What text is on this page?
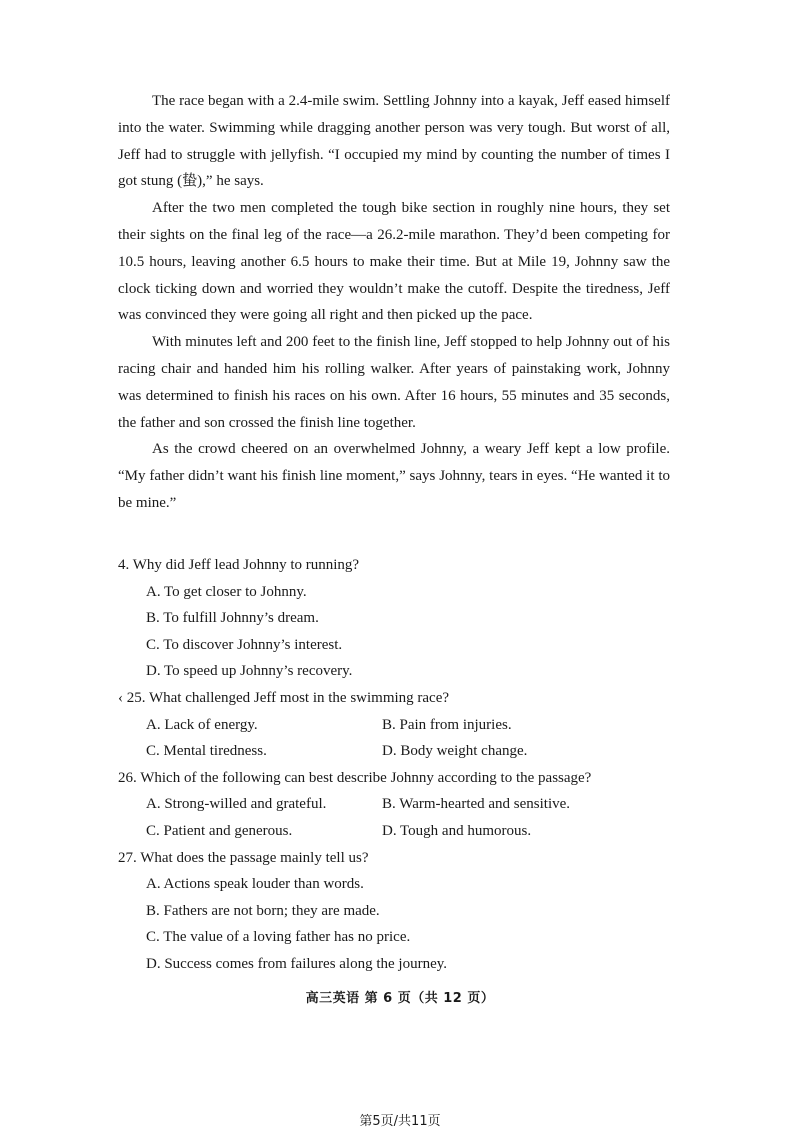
The race began with a 2.4-mile swim. Settling Johnny into a kayak, Jeff eased himself into the water. Swimming while dragging another person was very tough. But worst of all, Jeff had to struggle with jellyfish. “I occupied my mind by counting the number of times I got stung (蛰),” he says.

After the two men completed the tough bike section in roughly nine hours, they set their sights on the final leg of the race—a 26.2-mile marathon. They’d been competing for 10.5 hours, leaving another 6.5 hours to make their time. But at Mile 19, Johnny saw the clock ticking down and worried they wouldn’t make the cutoff. Despite the tiredness, Jeff was convinced they were going all right and then picked up the pace.

With minutes left and 200 feet to the finish line, Jeff stopped to help Johnny out of his racing chair and handed him his rolling walker. After years of painstaking work, Johnny was determined to finish his races on his own. After 16 hours, 55 minutes and 35 seconds, the father and son crossed the finish line together.

As the crowd cheered on an overwhelmed Johnny, a weary Jeff kept a low profile. “My father didn’t want his finish line moment,” says Johnny, tears in eyes. “He wanted it to be mine.”

4. Why did Jeff lead Johnny to running?
A. To get closer to Johnny.
B. To fulfill Johnny’s dream.
C. To discover Johnny’s interest.
D. To speed up Johnny’s recovery.
‹ 25. What challenged Jeff most in the swimming race?
A. Lack of energy.	B. Pain from injuries.
C. Mental tiredness.	D. Body weight change.
26. Which of the following can best describe Johnny according to the passage?
A. Strong-willed and grateful.	B. Warm-hearted and sensitive.
C. Patient and generous.	D. Tough and humorous.
27. What does the passage mainly tell us?
A. Actions speak louder than words.
B. Fathers are not born; they are made.
C. The value of a loving father has no price.
D. Success comes from failures along the journey.
高三英语 第 6 页（共 12 页）
第5页/共11页
